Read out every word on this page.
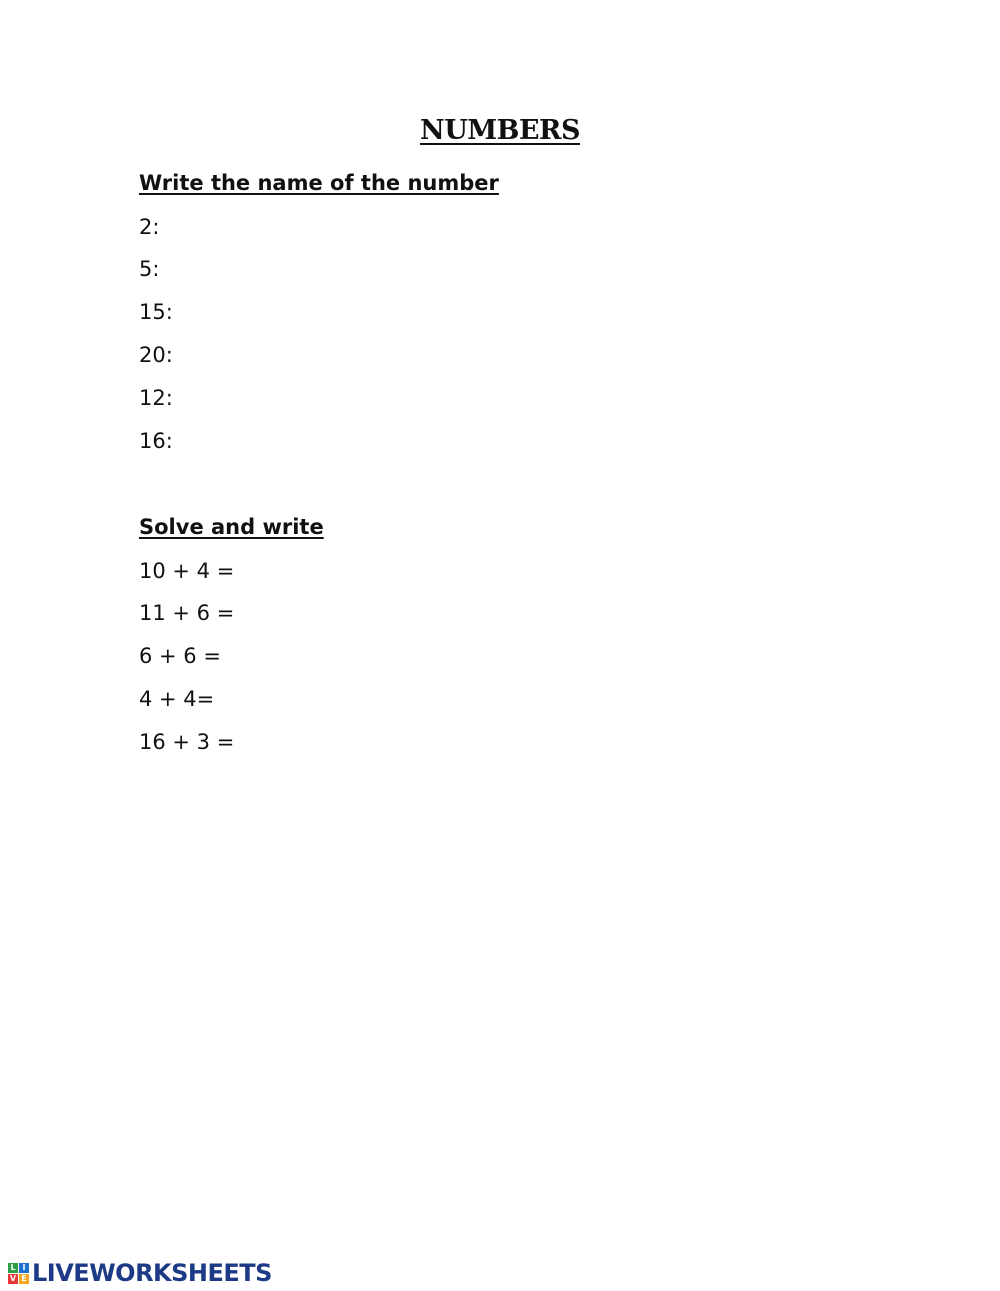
NUMBERS
Write the name of the number
2:
5:
15:
20:
12:
16:
Solve and write
10 + 4 =
11 + 6 =
6 + 6 =
4 + 4=
16 + 3 =
L I
V E LIVEWORKSHEETS
